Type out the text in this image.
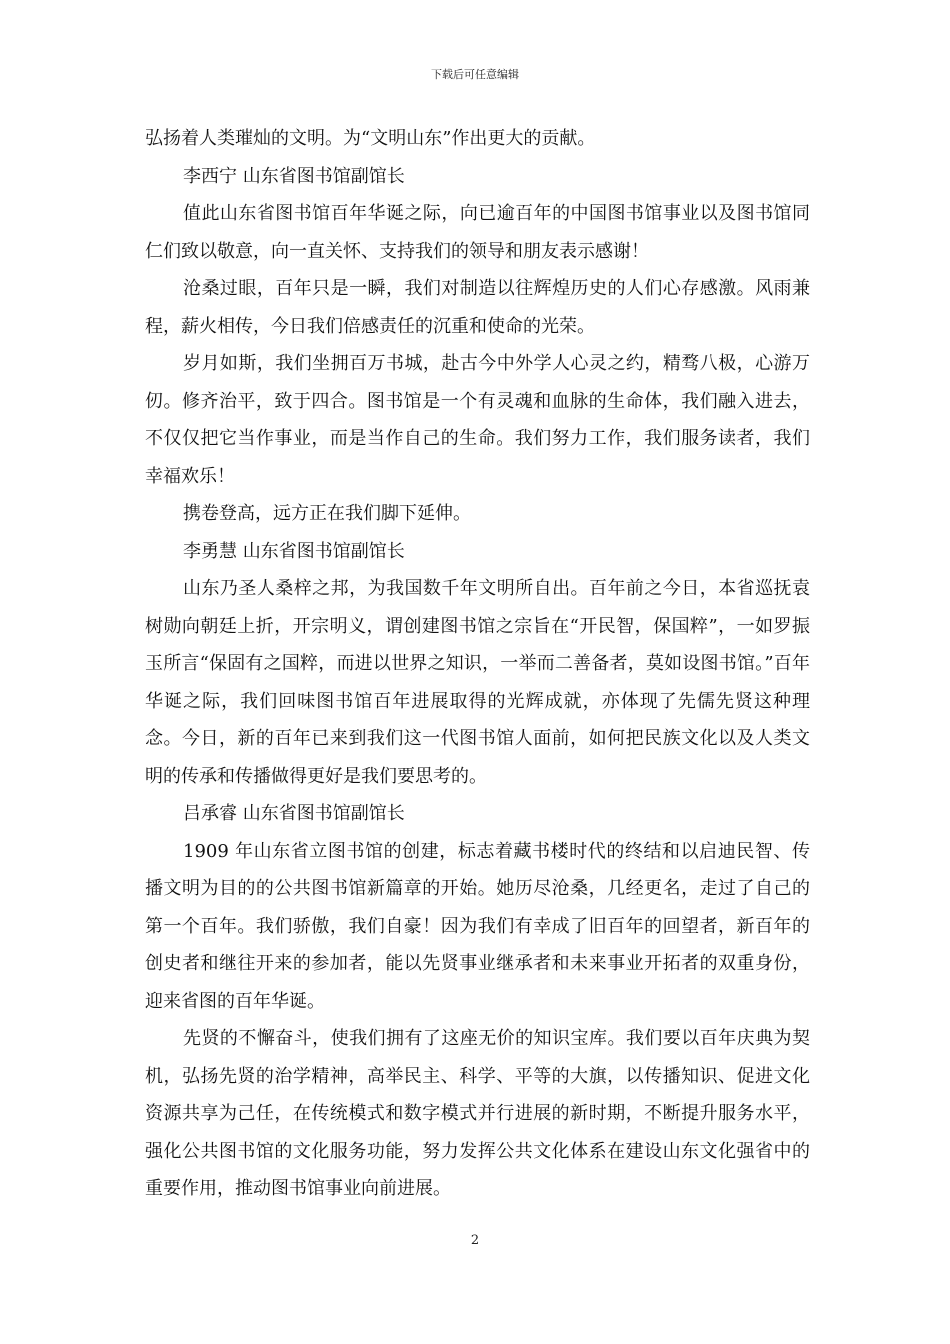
下载后可任意编辑

弘扬着人类璀灿的文明。为“文明山东”作出更大的贡献。

李西宁 山东省图书馆副馆长

值此山东省图书馆百年华诞之际，向已逾百年的中国图书馆事业以及图书馆同仁们致以敬意，向一直关怀、支持我们的领导和朋友表示感谢！

沧桑过眼，百年只是一瞬，我们对制造以往辉煌历史的人们心存感激。风雨兼程，薪火相传，今日我们倍感责任的沉重和使命的光荣。

岁月如斯，我们坐拥百万书城，赴古今中外学人心灵之约，精骛八极，心游万仞。修齐治平，致于四合。图书馆是一个有灵魂和血脉的生命体，我们融入进去，不仅仅把它当作事业，而是当作自己的生命。我们努力工作，我们服务读者，我们幸福欢乐！

携卷登高，远方正在我们脚下延伸。

李勇慧 山东省图书馆副馆长

山东乃圣人桑梓之邦，为我国数千年文明所自出。百年前之今日，本省巡抚袁树勋向朝廷上折，开宗明义，谓创建图书馆之宗旨在“开民智，保国粹”，一如罗振玉所言“保固有之国粹，而进以世界之知识，一举而二善备者，莫如设图书馆。”百年华诞之际，我们回味图书馆百年进展取得的光辉成就，亦体现了先儒先贤这种理念。今日，新的百年已来到我们这一代图书馆人面前，如何把民族文化以及人类文明的传承和传播做得更好是我们要思考的。

吕承睿 山东省图书馆副馆长

1909 年山东省立图书馆的创建，标志着藏书楼时代的终结和以启迪民智、传播文明为目的的公共图书馆新篇章的开始。她历尽沧桑，几经更名，走过了自己的第一个百年。我们骄傲，我们自豪！因为我们有幸成了旧百年的回望者，新百年的创史者和继往开来的参加者，能以先贤事业继承者和未来事业开拓者的双重身份，迎来省图的百年华诞。

先贤的不懈奋斗，使我们拥有了这座无价的知识宝库。我们要以百年庆典为契机，弘扬先贤的治学精神，高举民主、科学、平等的大旗，以传播知识、促进文化资源共享为己任，在传统模式和数字模式并行进展的新时期，不断提升服务水平，强化公共图书馆的文化服务功能，努力发挥公共文化体系在建设山东文化强省中的重要作用，推动图书馆事业向前进展。

2
